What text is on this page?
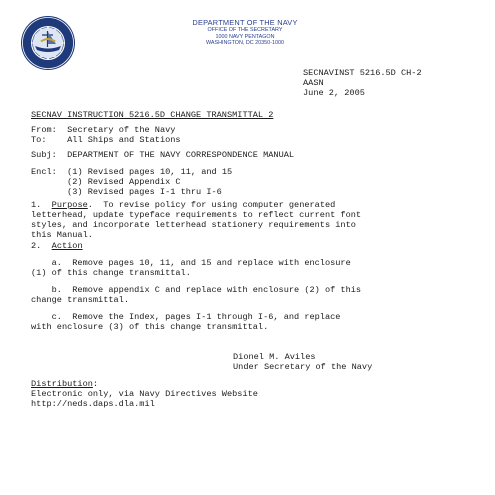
DEPARTMENT OF THE NAVY
OFFICE OF THE SECRETARY
1000 NAVY PENTAGON
WASHINGTON, DC 20350-1000
SECNAVINST 5216.5D CH-2
AASN
June 2, 2005
SECNAV INSTRUCTION 5216.5D CHANGE TRANSMITTAL 2
From: Secretary of the Navy
To: All Ships and Stations
Subj: DEPARTMENT OF THE NAVY CORRESPONDENCE MANUAL
Encl: (1) Revised pages 10, 11, and 15
(2) Revised Appendix C
(3) Revised pages I-1 thru I-6
1. Purpose.  To revise policy for using computer generated
letterhead, update typeface requirements to reflect current font
styles, and incorporate letterhead stationery requirements into
this Manual.
2. Action
a.  Remove pages 10, 11, and 15 and replace with enclosure
(1) of this change transmittal.
b.  Remove appendix C and replace with enclosure (2) of this
change transmittal.
c.  Remove the Index, pages I-1 through I-6, and replace
with enclosure (3) of this change transmittal.
Dionel M. Aviles
Under Secretary of the Navy
Distribution:
Electronic only, via Navy Directives Website
http://neds.daps.dla.mil
